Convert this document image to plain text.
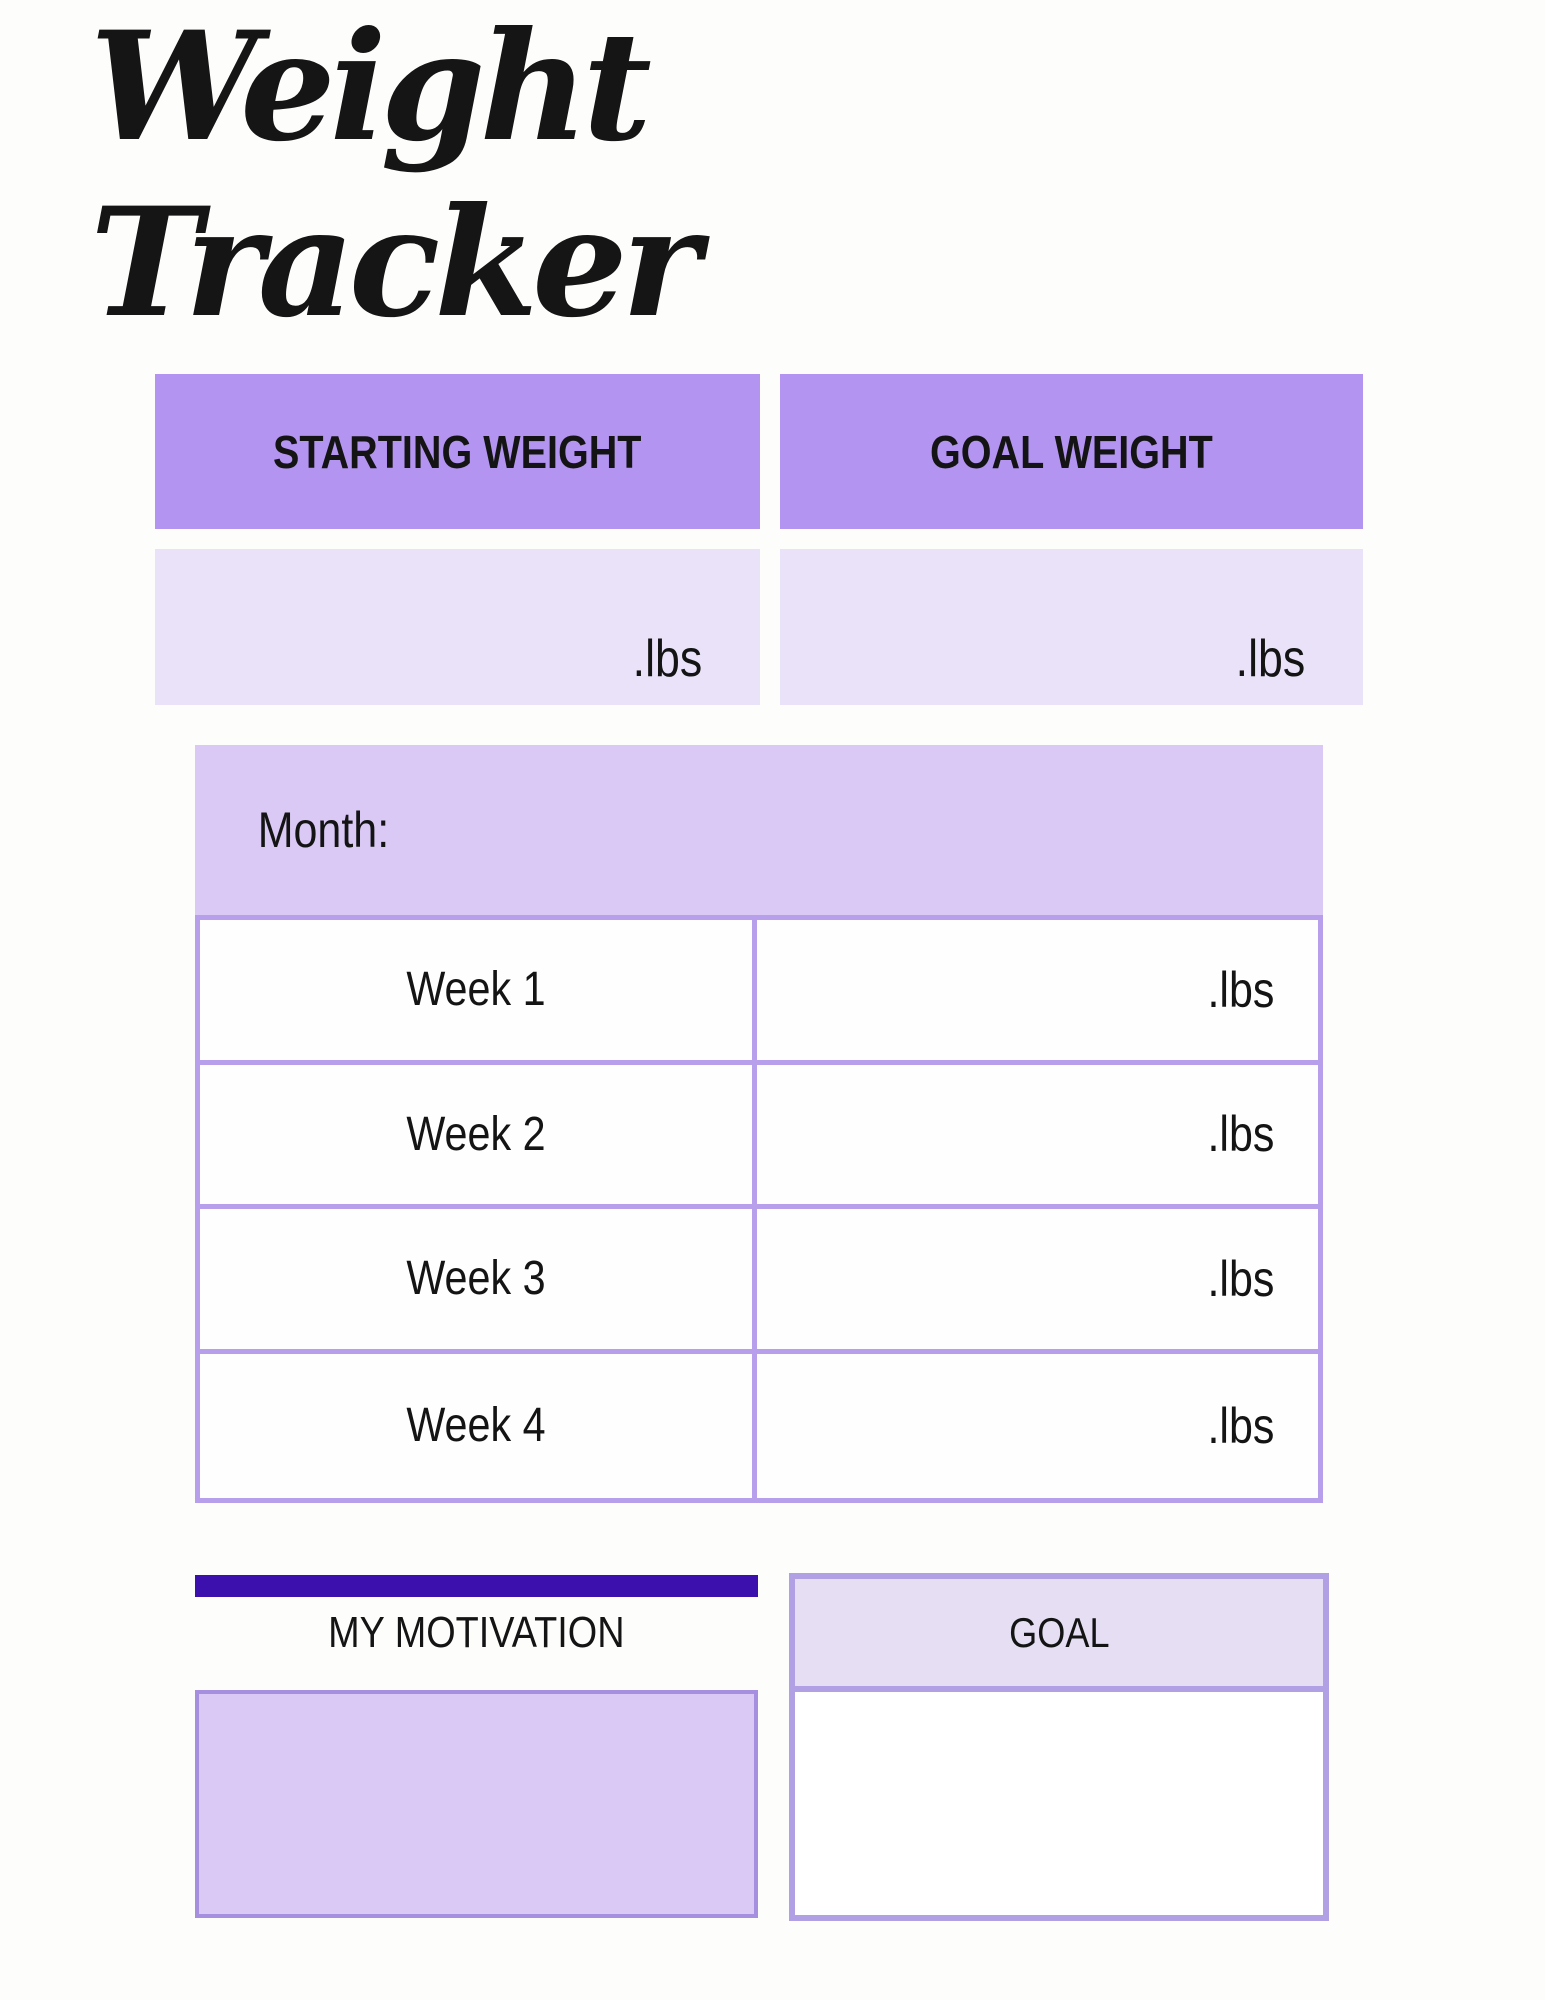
Weight Tracker
STARTING WEIGHT	GOAL WEIGHT
.lbs	.lbs
Month:
Week 1	.lbs
Week 2	.lbs
Week 3	.lbs
Week 4	.lbs
MY MOTIVATION	GOAL
